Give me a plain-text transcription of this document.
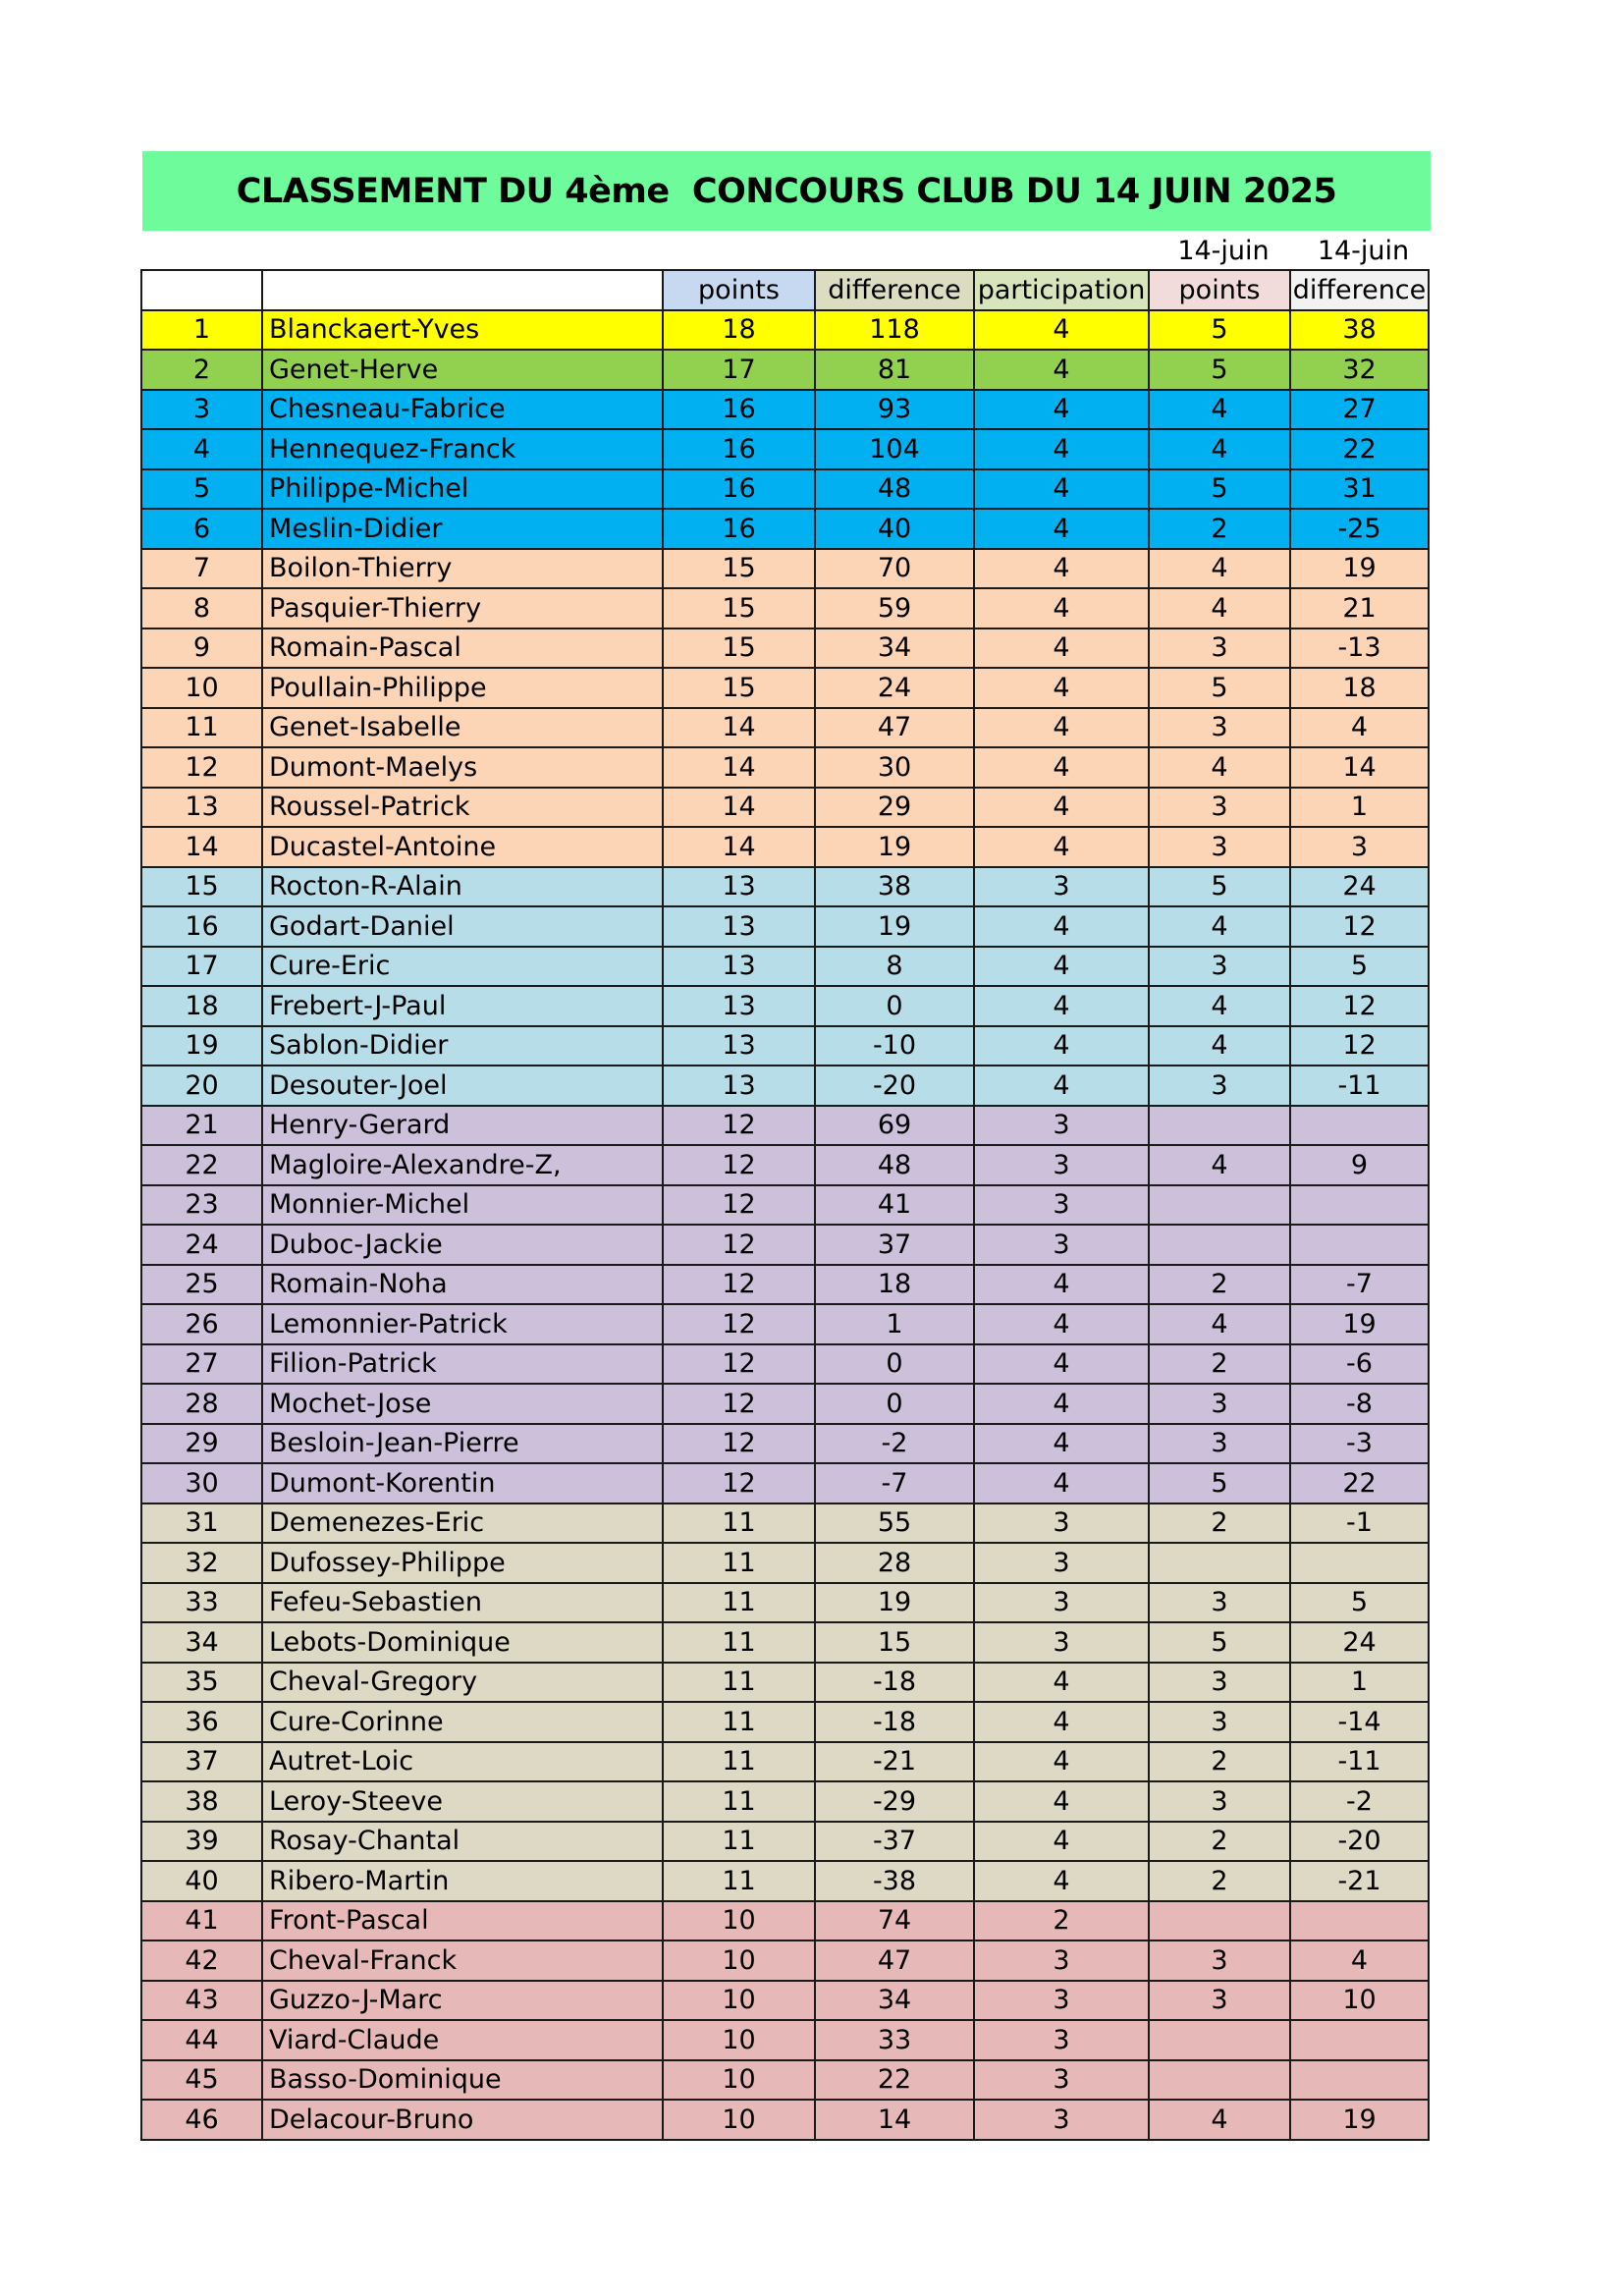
CLASSEMENT DU 4ème  CONCOURS CLUB DU 14 JUIN 2025
14-juin	14-juin
		points	difference	participation	points	difference
1	Blanckaert-Yves	18	118	4	5	38
2	Genet-Herve	17	81	4	5	32
3	Chesneau-Fabrice	16	93	4	4	27
4	Hennequez-Franck	16	104	4	4	22
5	Philippe-Michel	16	48	4	5	31
6	Meslin-Didier	16	40	4	2	-25
7	Boilon-Thierry	15	70	4	4	19
8	Pasquier-Thierry	15	59	4	4	21
9	Romain-Pascal	15	34	4	3	-13
10	Poullain-Philippe	15	24	4	5	18
11	Genet-Isabelle	14	47	4	3	4
12	Dumont-Maelys	14	30	4	4	14
13	Roussel-Patrick	14	29	4	3	1
14	Ducastel-Antoine	14	19	4	3	3
15	Rocton-R-Alain	13	38	3	5	24
16	Godart-Daniel	13	19	4	4	12
17	Cure-Eric	13	8	4	3	5
18	Frebert-J-Paul	13	0	4	4	12
19	Sablon-Didier	13	-10	4	4	12
20	Desouter-Joel	13	-20	4	3	-11
21	Henry-Gerard	12	69	3		
22	Magloire-Alexandre-Z,	12	48	3	4	9
23	Monnier-Michel	12	41	3		
24	Duboc-Jackie	12	37	3		
25	Romain-Noha	12	18	4	2	-7
26	Lemonnier-Patrick	12	1	4	4	19
27	Filion-Patrick	12	0	4	2	-6
28	Mochet-Jose	12	0	4	3	-8
29	Besloin-Jean-Pierre	12	-2	4	3	-3
30	Dumont-Korentin	12	-7	4	5	22
31	Demenezes-Eric	11	55	3	2	-1
32	Dufossey-Philippe	11	28	3		
33	Fefeu-Sebastien	11	19	3	3	5
34	Lebots-Dominique	11	15	3	5	24
35	Cheval-Gregory	11	-18	4	3	1
36	Cure-Corinne	11	-18	4	3	-14
37	Autret-Loic	11	-21	4	2	-11
38	Leroy-Steeve	11	-29	4	3	-2
39	Rosay-Chantal	11	-37	4	2	-20
40	Ribero-Martin	11	-38	4	2	-21
41	Front-Pascal	10	74	2		
42	Cheval-Franck	10	47	3	3	4
43	Guzzo-J-Marc	10	34	3	3	10
44	Viard-Claude	10	33	3		
45	Basso-Dominique	10	22	3		
46	Delacour-Bruno	10	14	3	4	19
